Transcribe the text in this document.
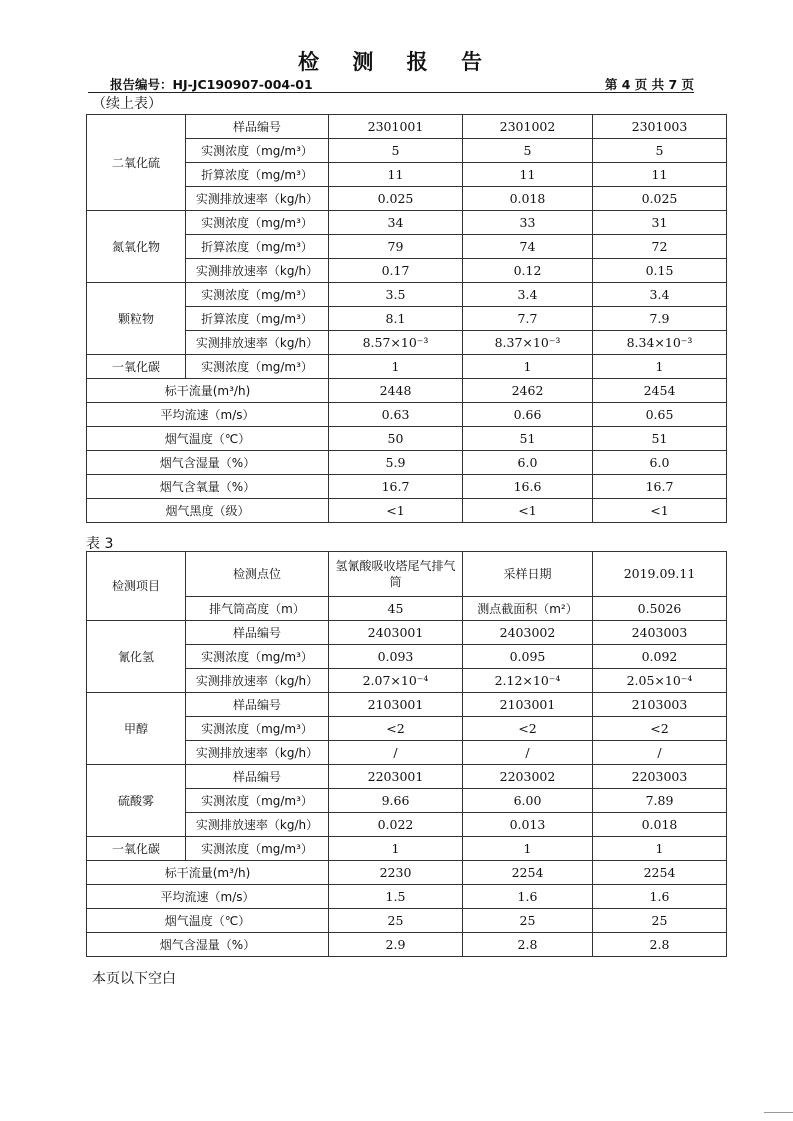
检 测 报 告
报告编号：HJ-JC190907-004-01	第 4 页 共 7 页
（续上表）
二氧化硫	样品编号	2301001	2301002	2301003
	实测浓度（mg/m³）	5	5	5
	折算浓度（mg/m³）	11	11	11
	实测排放速率（kg/h）	0.025	0.018	0.025
氮氧化物	实测浓度（mg/m³）	34	33	31
	折算浓度（mg/m³）	79	74	72
	实测排放速率（kg/h）	0.17	0.12	0.15
颗粒物	实测浓度（mg/m³）	3.5	3.4	3.4
	折算浓度（mg/m³）	8.1	7.7	7.9
	实测排放速率（kg/h）	8.57×10⁻³	8.37×10⁻³	8.34×10⁻³
一氧化碳	实测浓度（mg/m³）	1	1	1
标干流量(m³/h)		2448	2462	2454
平均流速（m/s）		0.63	0.66	0.65
烟气温度（℃）		50	51	51
烟气含湿量（%）		5.9	6.0	6.0
烟气含氧量（%）		16.7	16.6	16.7
烟气黑度（级）		<1	<1	<1
表 3
检测项目	检测点位	氢氰酸吸收塔尾气排气筒	采样日期	2019.09.11
	排气筒高度（m）	45	测点截面积（m²）	0.5026
氰化氢	样品编号	2403001	2403002	2403003
	实测浓度（mg/m³）	0.093	0.095	0.092
	实测排放速率（kg/h）	2.07×10⁻⁴	2.12×10⁻⁴	2.05×10⁻⁴
甲醇	样品编号	2103001	2103001	2103003
	实测浓度（mg/m³）	<2	<2	<2
	实测排放速率（kg/h）	/	/	/
硫酸雾	样品编号	2203001	2203002	2203003
	实测浓度（mg/m³）	9.66	6.00	7.89
	实测排放速率（kg/h）	0.022	0.013	0.018
一氧化碳	实测浓度（mg/m³）	1	1	1
标干流量(m³/h)		2230	2254	2254
平均流速（m/s）		1.5	1.6	1.6
烟气温度（℃）		25	25	25
烟气含湿量（%）		2.9	2.8	2.8
本页以下空白
